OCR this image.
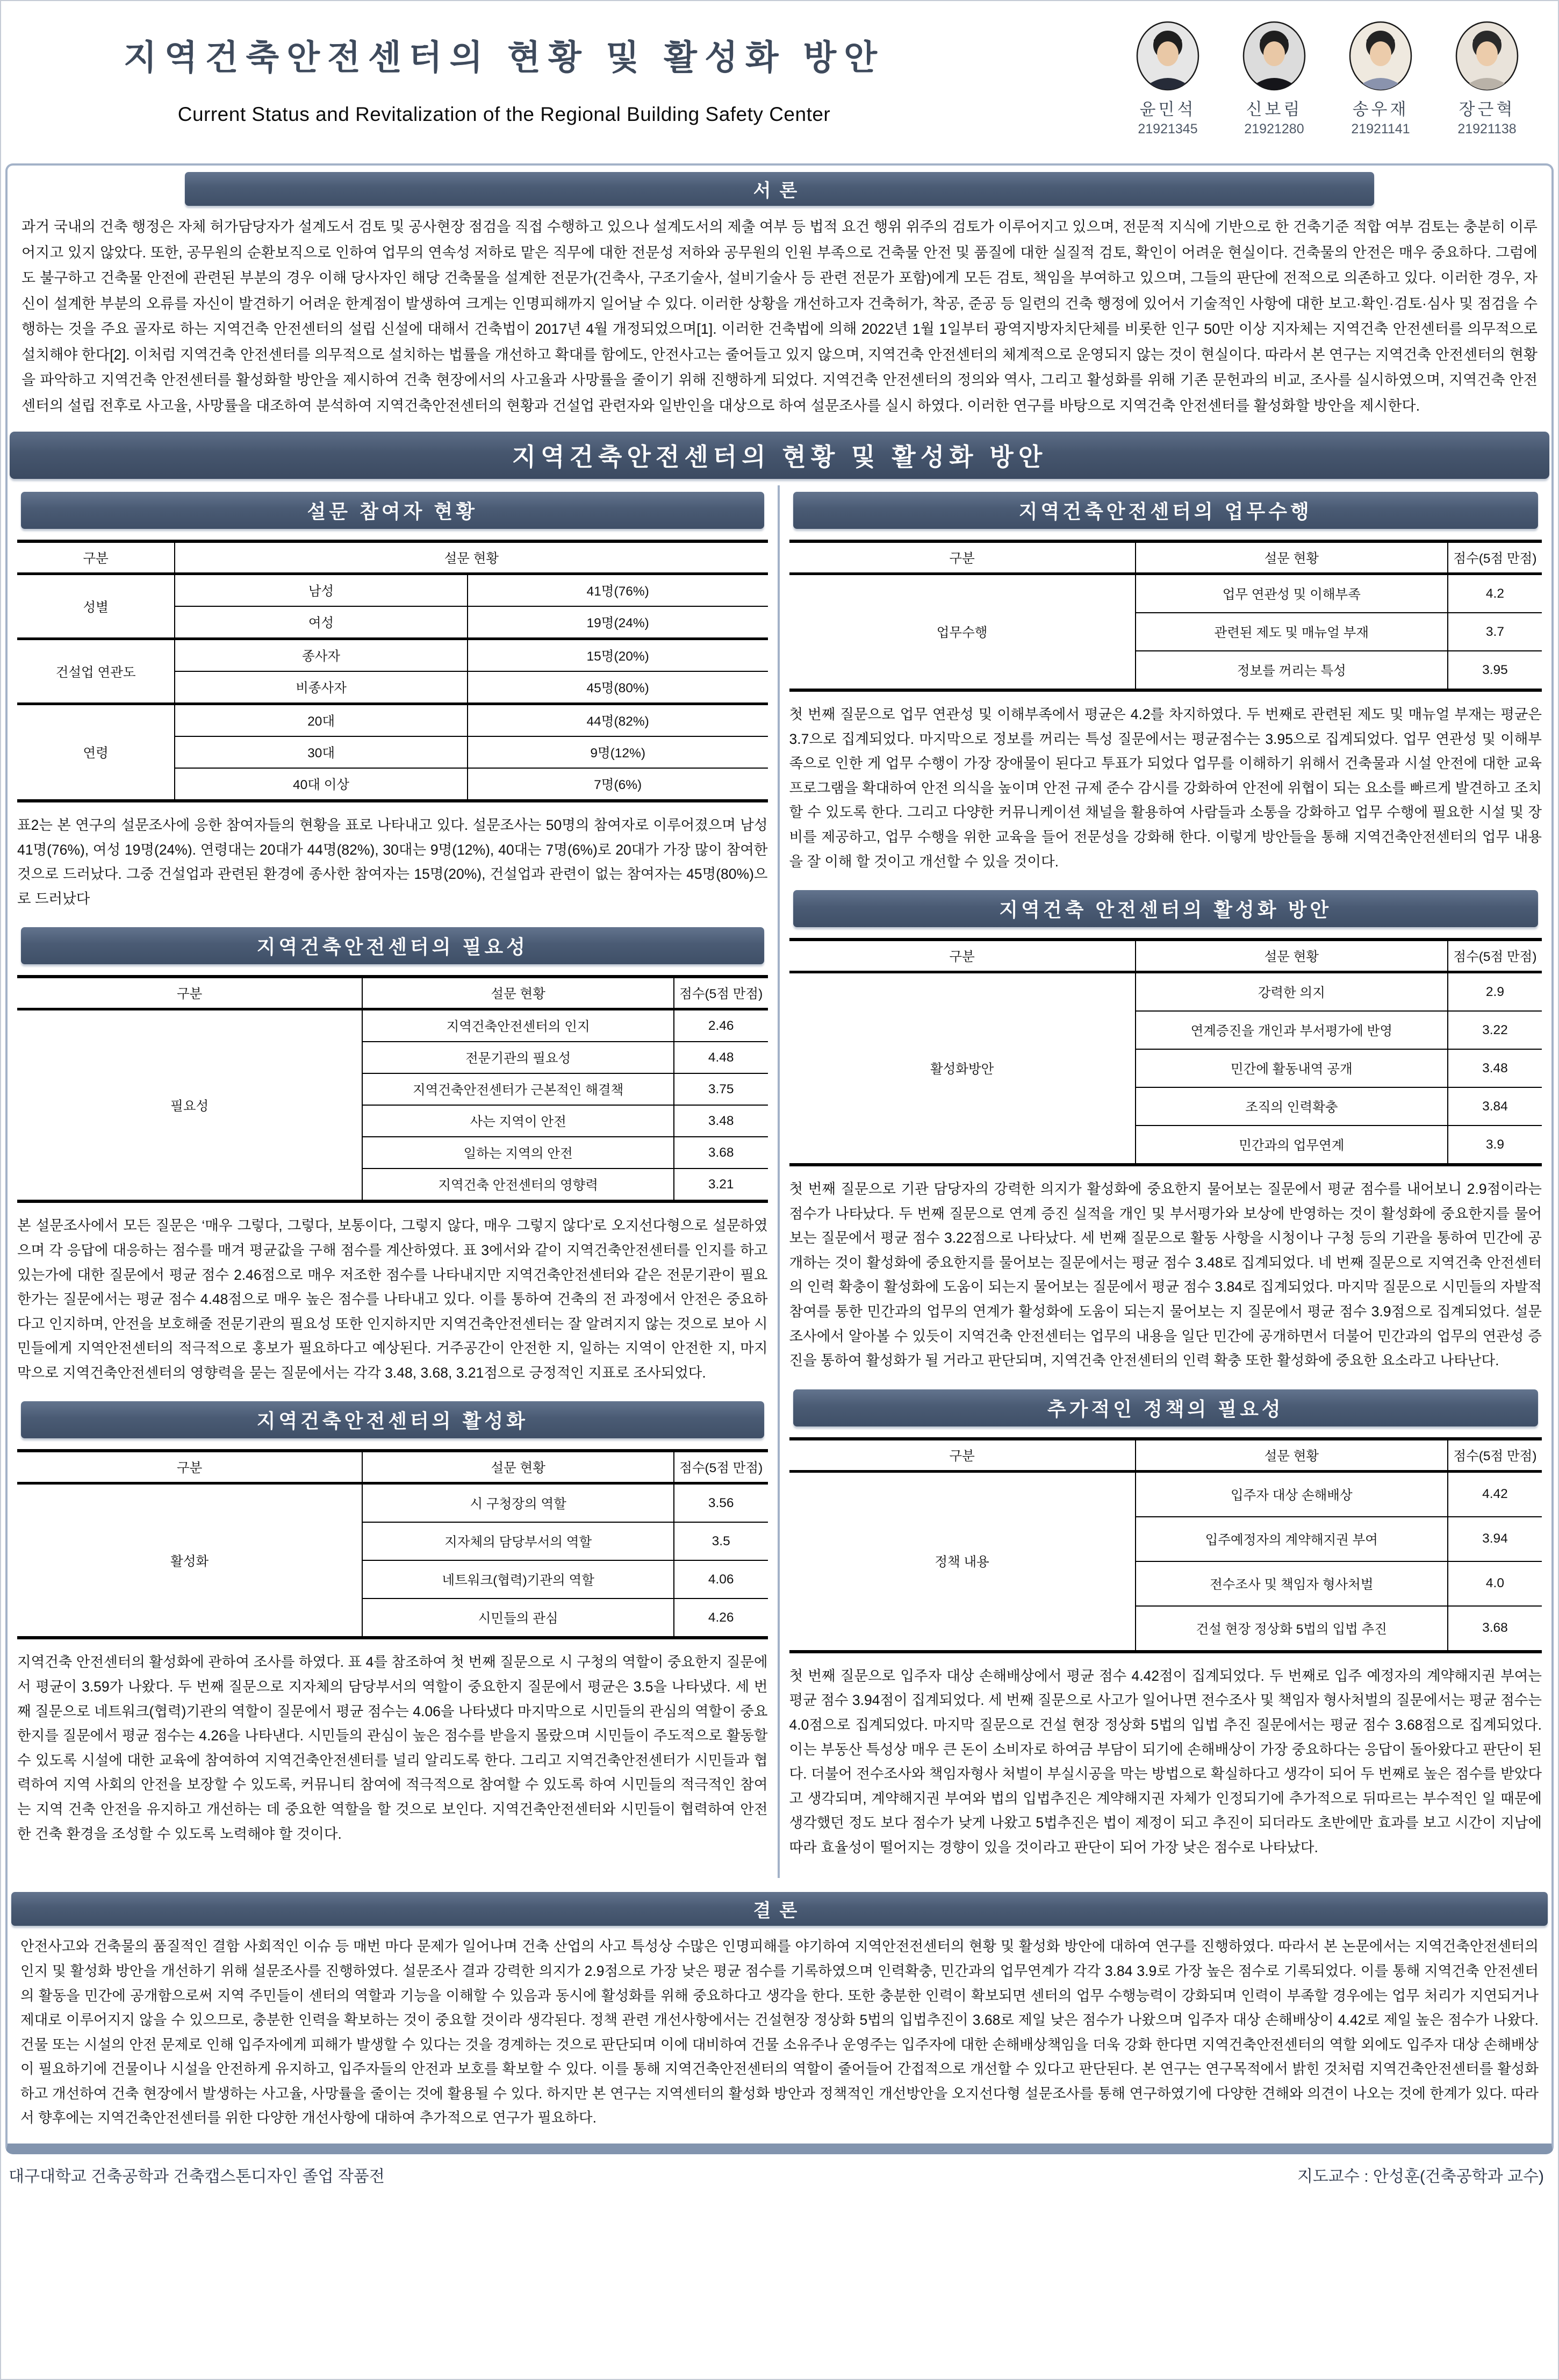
지역건축안전센터의 현황 및 활성화 방안
Current Status and Revitalization of the Regional Building Safety Center	윤민석
21921345
신보림
21921280
송우재
21921141
장근혁
21921138
서론
과거 국내의 건축 행정은 자체 허가담당자가 설계도서 검토 및 공사현장 점검을 직접 수행하고 있으나 설계도서의 제출 여부 등 법적 요건 행위 위주의 검토가 이루어지고 있으며, 전문적 지식에 기반으로 한 건축기준 적합 여부 검토는 충분히 이루어지고 있지 않았다. 또한, 공무원의 순환보직으로 인하여 업무의 연속성 저하로 맡은 직무에 대한 전문성 저하와 공무원의 인원 부족으로 건축물 안전 및 품질에 대한 실질적 검토, 확인이 어려운 현실이다. 건축물의 안전은 매우 중요하다. 그럼에도 불구하고 건축물 안전에 관련된 부분의 경우 이해 당사자인 해당 건축물을 설계한 전문가(건축사, 구조기술사, 설비기술사 등 관련 전문가 포함)에게 모든 검토, 책임을 부여하고 있으며, 그들의 판단에 전적으로 의존하고 있다. 이러한 경우, 자신이 설계한 부분의 오류를 자신이 발견하기 어려운 한계점이 발생하여 크게는 인명피해까지 일어날 수 있다. 이러한 상황을 개선하고자 건축허가, 착공, 준공 등 일련의 건축 행정에 있어서 기술적인 사항에 대한 보고·확인·검토·심사 및 점검을 수행하는 것을 주요 골자로 하는 지역건축 안전센터의 설립 신설에 대해서 건축법이 2017년 4월 개정되었으며[1]. 이러한 건축법에 의해 2022년 1월 1일부터 광역지방자치단체를 비롯한 인구 50만 이상 지자체는 지역건축 안전센터를 의무적으로 설치해야 한다[2]. 이처럼 지역건축 안전센터를 의무적으로 설치하는 법률을 개선하고 확대를 함에도, 안전사고는 줄어들고 있지 않으며, 지역건축 안전센터의 체계적으로 운영되지 않는 것이 현실이다. 따라서 본 연구는 지역건축 안전센터의 현황을 파악하고 지역건축 안전센터를 활성화할 방안을 제시하여 건축 현장에서의 사고율과 사망률을 줄이기 위해 진행하게 되었다. 지역건축 안전센터의 정의와 역사, 그리고 활성화를 위해 기존 문헌과의 비교, 조사를 실시하였으며, 지역건축 안전센터의 설립 전후로 사고율, 사망률을 대조하여 분석하여 지역건축안전센터의 현황과 건설업 관련자와 일반인을 대상으로 하여 설문조사를 실시 하였다. 이러한 연구를 바탕으로 지역건축 안전센터를 활성화할 방안을 제시한다.
지역건축안전센터의 현황 및 활성화 방안
설문 참여자 현황
구분	설문 현황	
성별	남성	41명(76%)
	여성	19명(24%)
건설업 연관도	종사자	15명(20%)
	비종사자	45명(80%)
연령	20대	44명(82%)
	30대	9명(12%)
	40대 이상	7명(6%)
표2는 본 연구의 설문조사에 응한 참여자들의 현황을 표로 나타내고 있다. 설문조사는 50명의 참여자로 이루어졌으며 남성 41명(76%), 여성 19명(24%). 연령대는 20대가 44명(82%), 30대는 9명(12%), 40대는 7명(6%)로 20대가 가장 많이 참여한 것으로 드러났다. 그중 건설업과 관련된 환경에 종사한 참여자는 15명(20%), 건설업과 관련이 없는 참여자는 45명(80%)으로 드러났다
지역건축안전센터의 필요성
구분	설문 현황	점수(5점 만점)
필요성	지역건축안전센터의 인지	2.46
	전문기관의 필요성	4.48
	지역건축안전센터가 근본적인 해결책	3.75
	사는 지역이 안전	3.48
	일하는 지역의 안전	3.68
	지역건축 안전센터의 영향력	3.21
본 설문조사에서 모든 질문은 ‘매우 그렇다, 그렇다, 보통이다, 그렇지 않다, 매우 그렇지 않다’로 오지선다형으로 설문하였으며 각 응답에 대응하는 점수를 매겨 평균값을 구해 점수를 계산하였다. 표 3에서와 같이 지역건축안전센터를 인지를 하고 있는가에 대한 질문에서 평균 점수 2.46점으로 매우 저조한 점수를 나타내지만 지역건축안전센터와 같은 전문기관이 필요한가는 질문에서는 평균 점수 4.48점으로 매우 높은 점수를 나타내고 있다. 이를 통하여 건축의 전 과정에서 안전은 중요하다고 인지하며, 안전을 보호해줄 전문기관의 필요성 또한 인지하지만 지역건축안전센터는 잘 알려지지 않는 것으로 보아 시민들에게 지역안전센터의 적극적으로 홍보가 필요하다고 예상된다. 거주공간이 안전한 지, 일하는 지역이 안전한 지, 마지막으로 지역건축안전센터의 영향력을 묻는 질문에서는 각각 3.48, 3.68, 3.21점으로 긍정적인 지표로 조사되었다.
지역건축안전센터의 활성화
구분	설문 현황	점수(5점 만점)
활성화	시 구청장의 역할	3.56
	지자체의 담당부서의 역할	3.5
	네트워크(협력)기관의 역할	4.06
	시민들의 관심	4.26
지역건축 안전센터의 활성화에 관하여 조사를 하였다. 표 4를 참조하여 첫 번째 질문으로 시 구청의 역할이 중요한지 질문에서 평균이 3.59가 나왔다. 두 번째 질문으로 지자체의 담당부서의 역할이 중요한지 질문에서 평균은 3.5을 나타냈다. 세 번째 질문으로 네트워크(협력)기관의 역할이 질문에서 평균 점수는 4.06을 나타냈다 마지막으로 시민들의 관심의 역할이 중요한지를 질문에서 평균 점수는 4.26을 나타낸다. 시민들의 관심이 높은 점수를 받을지 몰랐으며 시민들이 주도적으로 활동할 수 있도록 시설에 대한 교육에 참여하여 지역건축안전센터를 널리 알리도록 한다. 그리고 지역건축안전센터가 시민들과 협력하여 지역 사회의 안전을 보장할 수 있도록, 커뮤니티 참여에 적극적으로 참여할 수 있도록 하여 시민들의 적극적인 참여는 지역 건축 안전을 유지하고 개선하는 데 중요한 역할을 할 것으로 보인다. 지역건축안전센터와 시민들이 협력하여 안전한 건축 환경을 조성할 수 있도록 노력해야 할 것이다.
지역건축안전센터의 업무수행
구분	설문 현황	점수(5점 만점)
업무수행	업무 연관성 및 이해부족	4.2
	관련된 제도 및 매뉴얼 부재	3.7
	정보를 꺼리는 특성	3.95
첫 번째 질문으로 업무 연관성 및 이해부족에서 평균은 4.2를 차지하였다. 두 번째로 관련된 제도 및 매뉴얼 부재는 평균은 3.7으로 집계되었다. 마지막으로 정보를 꺼리는 특성 질문에서는 평균점수는 3.95으로 집계되었다. 업무 연관성 및 이해부족으로 인한 게 업무 수행이 가장 장애물이 된다고 투표가 되었다 업무를 이해하기 위해서 건축물과 시설 안전에 대한 교육 프로그램을 확대하여 안전 의식을 높이며 안전 규제 준수 감시를 강화하여 안전에 위협이 되는 요소를 빠르게 발견하고 조치할 수 있도록 한다. 그리고 다양한 커뮤니케이션 채널을 활용하여 사람들과 소통을 강화하고 업무 수행에 필요한 시설 및 장비를 제공하고, 업무 수행을 위한 교육을 들어 전문성을 강화해 한다. 이렇게 방안들을 통해 지역건축안전센터의 업무 내용을 잘 이해 할 것이고 개선할 수 있을 것이다.
지역건축 안전센터의 활성화 방안
구분	설문 현황	점수(5점 만점)
활성화방안	강력한 의지	2.9
	연계증진을 개인과 부서평가에 반영	3.22
	민간에 활동내역 공개	3.48
	조직의 인력확충	3.84
	민간과의 업무연계	3.9
첫 번째 질문으로 기관 담당자의 강력한 의지가 활성화에 중요한지 물어보는 질문에서 평균 점수를 내어보니 2.9점이라는 점수가 나타났다. 두 번째 질문으로 연계 증진 실적을 개인 및 부서평가와 보상에 반영하는 것이 활성화에 중요한지를 물어보는 질문에서 평균 점수 3.22점으로 나타났다. 세 번째 질문으로 활동 사항을 시청이나 구청 등의 기관을 통하여 민간에 공개하는 것이 활성화에 중요한지를 물어보는 질문에서는 평균 점수 3.48로 집계되었다. 네 번째 질문으로 지역건축 안전센터의 인력 확충이 활성화에 도움이 되는지 물어보는 질문에서 평균 점수 3.84로 집계되었다. 마지막 질문으로 시민들의 자발적 참여를 통한 민간과의 업무의 연계가 활성화에 도움이 되는지 물어보는 지 질문에서 평균 점수 3.9점으로 집계되었다. 설문조사에서 알아볼 수 있듯이 지역건축 안전센터는 업무의 내용을 일단 민간에 공개하면서 더불어 민간과의 업무의 연관성 증진을 통하여 활성화가 될 거라고 판단되며, 지역건축 안전센터의 인력 확충 또한 활성화에 중요한 요소라고 나타난다.
추가적인 정책의 필요성
구분	설문 현황	점수(5점 만점)
정책 내용	입주자 대상 손해배상	4.42
	입주예정자의 계약해지권 부여	3.94
	전수조사 및 책임자 형사처벌	4.0
	건설 현장 정상화 5법의 입법 추진	3.68
첫 번째 질문으로 입주자 대상 손해배상에서 평균 점수 4.42점이 집계되었다. 두 번째로 입주 예정자의 계약해지권 부여는 평균 점수 3.94점이 집계되었다. 세 번째 질문으로 사고가 일어나면 전수조사 및 책임자 형사처벌의 질문에서는 평균 점수는 4.0점으로 집계되었다. 마지막 질문으로 건설 현장 정상화 5법의 입법 추진 질문에서는 평균 점수 3.68점으로 집계되었다. 이는 부동산 특성상 매우 큰 돈이 소비자로 하여금 부담이 되기에 손해배상이 가장 중요하다는 응답이 돌아왔다고 판단이 된다. 더불어 전수조사와 책임자형사 처벌이 부실시공을 막는 방법으로 확실하다고 생각이 되어 두 번째로 높은 점수를 받았다고 생각되며, 계약해지권 부여와 법의 입법추진은 계약해지권 자체가 인정되기에 추가적으로 뒤따르는 부수적인 일 때문에 생각했던 정도 보다 점수가 낮게 나왔고 5법추진은 법이 제정이 되고 추진이 되더라도 초반에만 효과를 보고 시간이 지남에 따라 효율성이 떨어지는 경향이 있을 것이라고 판단이 되어 가장 낮은 점수로 나타났다.
결론
안전사고와 건축물의 품질적인 결함 사회적인 이슈 등 매번 마다 문제가 일어나며 건축 산업의 사고 특성상 수많은 인명피해를 야기하여 지역안전전센터의 현황 및 활성화 방안에 대하여 연구를 진행하였다. 따라서 본 논문에서는 지역건축안전센터의 인지 및 활성화 방안을 개선하기 위해 설문조사를 진행하였다. 설문조사 결과 강력한 의지가 2.9점으로 가장 낮은 평균 점수를 기록하였으며 인력확충, 민간과의 업무연계가 각각 3.84 3.9로 가장 높은 점수로 기록되었다. 이를 통해 지역건축 안전센터의 활동을 민간에 공개함으로써 지역 주민들이 센터의 역할과 기능을 이해할 수 있음과 동시에 활성화를 위해 중요하다고 생각을 한다. 또한 충분한 인력이 확보되면 센터의 업무 수행능력이 강화되며 인력이 부족할 경우에는 업무 처리가 지연되거나 제대로 이루어지지 않을 수 있으므로, 충분한 인력을 확보하는 것이 중요할 것이라 생각된다. 정책 관련 개선사항에서는 건설현장 정상화 5법의 입법추진이 3.68로 제일 낮은 점수가 나왔으며 입주자 대상 손해배상이 4.42로 제일 높은 점수가 나왔다. 건물 또는 시설의 안전 문제로 인해 입주자에게 피해가 발생할 수 있다는 것을 경계하는 것으로 판단되며 이에 대비하여 건물 소유주나 운영주는 입주자에 대한 손해배상책임을 더욱 강화 한다면 지역건축안전센터의 역할 외에도 입주자 대상 손해배상이 필요하기에 건물이나 시설을 안전하게 유지하고, 입주자들의 안전과 보호를 확보할 수 있다. 이를 통해 지역건축안전센터의 역할이 줄어들어 간접적으로 개선할 수 있다고 판단된다. 본 연구는 연구목적에서 밝힌 것처럼 지역건축안전센터를 활성화하고 개선하여 건축 현장에서 발생하는 사고율, 사망률을 줄이는 것에 활용될 수 있다. 하지만 본 연구는 지역센터의 활성화 방안과 정책적인 개선방안을 오지선다형 설문조사를 통해 연구하였기에 다양한 견해와 의견이 나오는 것에 한계가 있다. 따라서 향후에는 지역건축안전센터를 위한 다양한 개선사항에 대하여 추가적으로 연구가 필요하다.
대구대학교 건축공학과 건축캡스톤디자인 졸업 작품전	지도교수 : 안성훈(건축공학과 교수)
